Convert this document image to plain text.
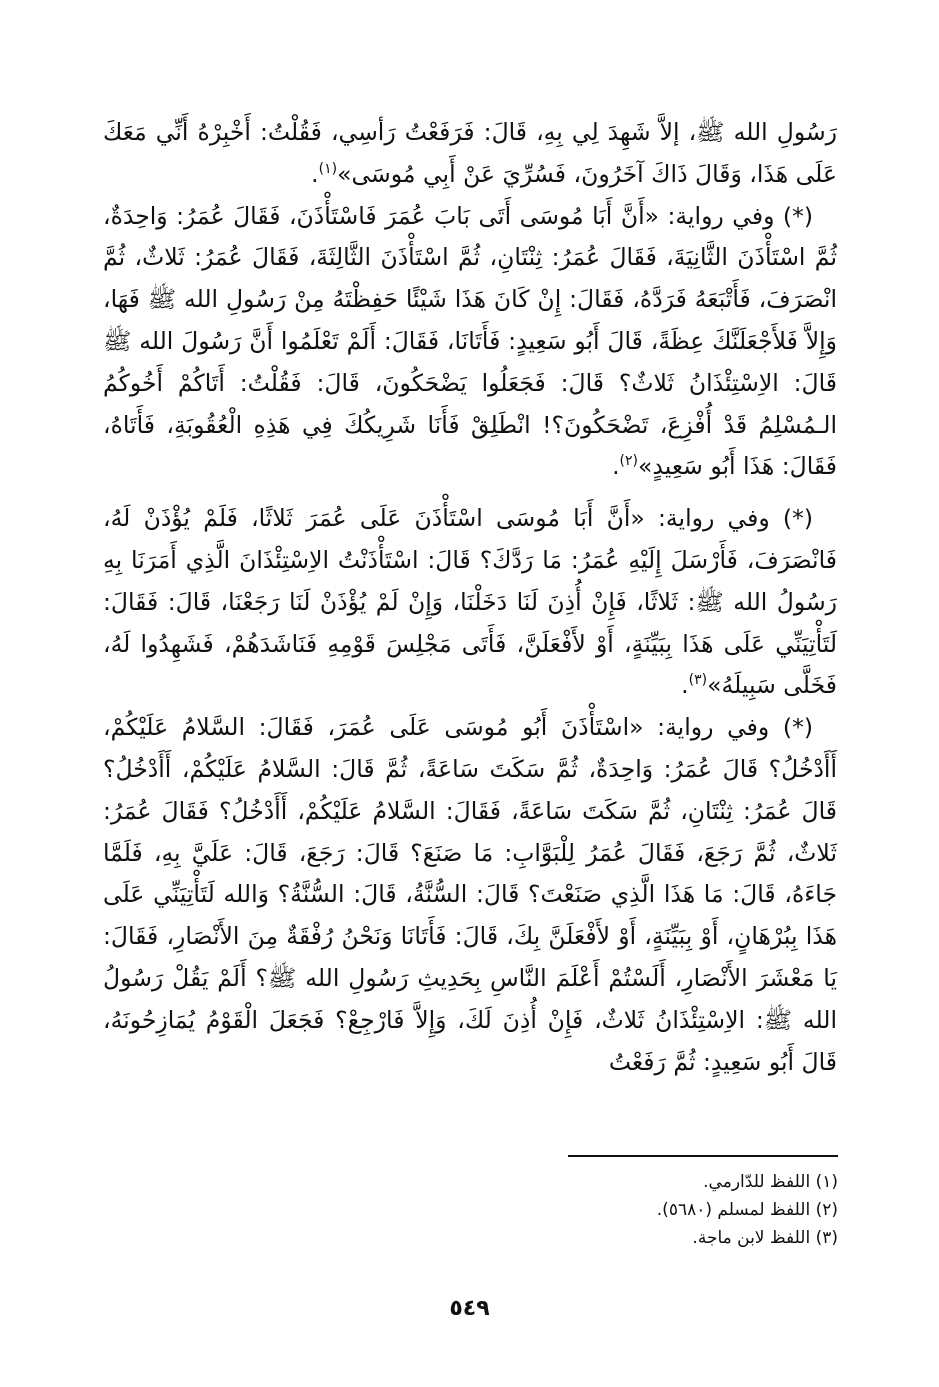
رَسُولِ الله ﷺ، إلاَّ شَهِدَ لِي بِهِ، قَالَ: فَرَفَعْتُ رَأسِي، فَقُلْتُ: أَخْبِرْهُ أَنِّي مَعَكَ عَلَى هَذَا، وَقَالَ ذَاكَ آخَرُونَ، فَسُرِّيَ عَنْ أَبِي مُوسَى»$^{(١)}$.

(*) وفي رواية: «أَنَّ أَبَا مُوسَى أَتَى بَابَ عُمَرَ فَاسْتَأْذَنَ، فَقَالَ عُمَرُ: وَاحِدَةٌ، ثُمَّ اسْتَأْذَنَ الثَّانِيَةَ، فَقَالَ عُمَرُ: ثِنْتَانِ، ثُمَّ اسْتَأْذَنَ الثَّالِثَةَ، فَقَالَ عُمَرُ: ثَلاثٌ، ثُمَّ انْصَرَفَ، فَأَتْبَعَهُ فَرَدَّهُ، فَقَالَ: إِنْ كَانَ هَذَا شَيْئًا حَفِظْتَهُ مِنْ رَسُولِ الله ﷺ فَهَا، وَإِلاَّ فَلأَجْعَلَنَّكَ عِظَةً، قَالَ أَبُو سَعِيدٍ: فَأَتَانَا، فَقَالَ: أَلَمْ تَعْلَمُوا أَنَّ رَسُولَ الله ﷺ قَالَ: الاِسْتِئْذَانُ ثَلاثٌ؟ قَالَ: فَجَعَلُوا يَضْحَكُونَ، قَالَ: فَقُلْتُ: أَتَاكُمْ أَخُوكُمُ الـمُسْلِمُ قَدْ أُفْزِعَ، تَضْحَكُونَ؟! انْطَلِقْ فَأَنَا شَرِيكُكَ فِي هَذِهِ الْعُقُوبَةِ، فَأَتَاهُ، فَقَالَ: هَذَا أَبُو سَعِيدٍ»$^{(٢)}$.

(*) وفي رواية: «أَنَّ أَبَا مُوسَى اسْتَأْذَنَ عَلَى عُمَرَ ثَلاثًا، فَلَمْ يُؤْذَنْ لَهُ، فَانْصَرَفَ، فَأَرْسَلَ إِلَيْهِ عُمَرُ: مَا رَدَّكَ؟ قَالَ: اسْتَأْذَنْتُ الاِسْتِئْذَانَ الَّذِي أَمَرَنَا بِهِ رَسُولُ الله ﷺ: ثَلاثًا، فَإِنْ أُذِنَ لَنَا دَخَلْنَا، وَإِنْ لَمْ يُؤْذَنْ لَنَا رَجَعْنَا، قَالَ: فَقَالَ: لَتَأْتِيَنِّي عَلَى هَذَا بِبَيِّنَةٍ، أَوْ لأَفْعَلَنَّ، فَأَتَى مَجْلِسَ قَوْمِهِ فَنَاشَدَهُمْ، فَشَهِدُوا لَهُ، فَخَلَّى سَبِيلَهُ»$^{(٣)}$.

(*) وفي رواية: «اسْتَأْذَنَ أَبُو مُوسَى عَلَى عُمَرَ، فَقَالَ: السَّلامُ عَلَيْكُمْ، أَأَدْخُلُ؟ قَالَ عُمَرُ: وَاحِدَةٌ، ثُمَّ سَكَتَ سَاعَةً، ثُمَّ قَالَ: السَّلامُ عَلَيْكُمْ، أَأَدْخُلُ؟ قَالَ عُمَرُ: ثِنْتَانِ، ثُمَّ سَكَتَ سَاعَةً، فَقَالَ: السَّلامُ عَلَيْكُمْ، أَأَدْخُلُ؟ فَقَالَ عُمَرُ: ثَلاثٌ، ثُمَّ رَجَعَ، فَقَالَ عُمَرُ لِلْبَوَّابِ: مَا صَنَعَ؟ قَالَ: رَجَعَ، قَالَ: عَلَيَّ بِهِ، فَلَمَّا جَاءَهُ، قَالَ: مَا هَذَا الَّذِي صَنَعْتَ؟ قَالَ: السُّنَّةُ، قَالَ: السُّنَّةُ؟ وَالله لَتَأْتِيَنِّي عَلَى هَذَا بِبُرْهَانٍ، أَوْ بِبَيِّنَةٍ، أَوْ لأَفْعَلَنَّ بِكَ، قَالَ: فَأَتَانَا وَنَحْنُ رُفْقَةٌ مِنَ الأَنْصَارِ، فَقَالَ: يَا مَعْشَرَ الأَنْصَارِ، أَلَسْتُمْ أَعْلَمَ النَّاسِ بِحَدِيثِ رَسُولِ الله ﷺ؟ أَلَمْ يَقُلْ رَسُولُ الله ﷺ: الاِسْتِئْذَانُ ثَلاثٌ، فَإِنْ أُذِنَ لَكَ، وَإِلاَّ فَارْجِعْ؟ فَجَعَلَ الْقَوْمُ يُمَازِحُونَهُ، قَالَ أَبُو سَعِيدٍ: ثُمَّ رَفَعْتُ

(١) اللفظ للدّارمي.

(٢) اللفظ لمسلم (٥٦٨٠).

(٣) اللفظ لابن ماجة.

٥٤٩
